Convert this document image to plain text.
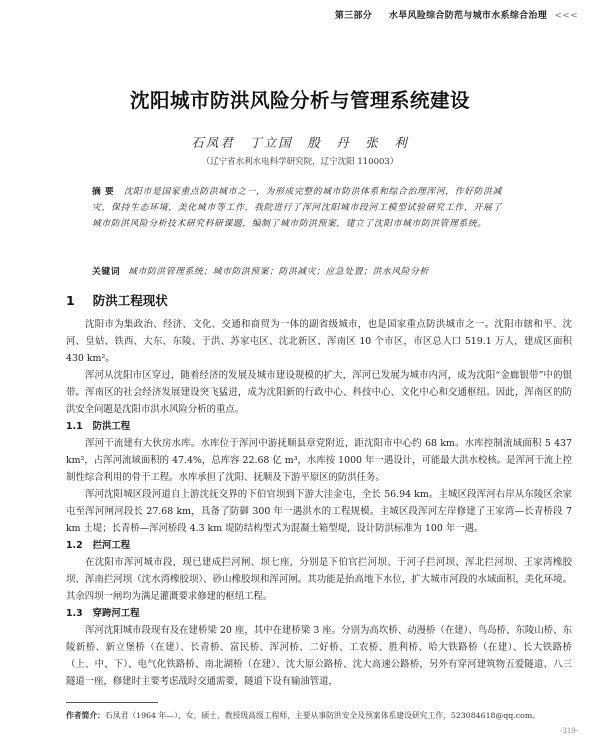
第三部分 水旱风险综合防范与城市水系综合治理 <<<
沈阳城市防洪风险分析与管理系统建设
石凤君　丁立国　殷　丹　张　利
（辽宁省水利水电科学研究院，辽宁沈阳 110003）
摘要 沈阳市是国家重点防洪城市之一，为形成完整的城市防洪体系和综合治理浑河，作好防洪减灾，保持生态环境，美化城市等工作，我院进行了浑河沈阳城市段河工模型试验研究工作，开展了城市防洪风险分析技术研究科研课题，编制了城市防洪预案，建立了沈阳市城市防洪管理系统。
关键词 城市防洪管理系统；城市防洪预案；防洪减灾；应急处置；洪水风险分析
1 防洪工程现状

沈阳市为集政治、经济、文化、交通和商贸为一体的副省级城市，也是国家重点防洪城市之一。沈阳市辖和平、沈河、皇姑、铁西、大东、东陵、于洪、苏家屯区、沈北新区、浑南区 10 个市区，市区总人口 519.1 万人，建成区面积 430 km²。

浑河从沈阳市区穿过，随着经济的发展及城市建设规模的扩大，浑河已发展为城市内河，成为沈阳“金廊银带”中的银带。浑南区的社会经济发展建设突飞猛进，成为沈阳新的行政中心、科技中心、文化中心和交通枢纽。因此，浑南区的防洪安全问题是沈阳市洪水风险分析的重点。

1.1 防洪工程

浑河干流建有大伙房水库。水库位于浑河中游抚顺县章党附近，距沈阳市中心约 68 km。水库控制流域面积 5 437 km²，占浑河流域面积的 47.4%，总库容 22.68 亿 m³，水库按 1000 年一遇设计，可能最大洪水校核。是浑河干流上控制性综合利用的骨干工程。水库承担了沈阳、抚顺及下游平原区的防洪任务。

浑河沈阳城区段河道自上游沈抚交界的下伯官坝到下游大洼金屯，全长 56.94 km。主城区段浑河右岸从东陵区余家屯至浑河闸河段长 27.68 km，具备了防御 300 年一遇洪水的工程规模。主城区段浑河左岸修建了王家湾—长青桥段 7 km 土堤；长青桥—浑河桥段 4.3 km 堤防结构型式为混凝土箱型堤，设计防洪标准为 100 年一遇。

1.2 拦河工程

在沈阳市浑河城市段，现已建成拦河闸、坝七座，分别是下伯官拦河坝、于河子拦河坝、浑北拦河坝、王家湾橡胶坝、浑南拦河坝（沈水湾橡胶坝）、砂山橡胶坝和浑河闸。其功能是抬高地下水位，扩大城市河段的水域面积，美化环境。其余四坝一闸均为满足灌溉要求修建的枢纽工程。

1.3 穿跨河工程

浑河沈阳城市段现有及在建桥梁 20 座，其中在建桥梁 3 座。分别为高坎桥、动漫桥（在建）、鸟岛桥、东陵山桥、东陵新桥、新立堡桥（在建）、长青桥、富民桥、浑河桥、二好桥、工农桥、胜利桥、哈大铁路桥（在建）、长大铁路桥（上、中、下）、电气化铁路桥、南北湖桥（在建）、沈大原公路桥、沈大高速公路桥，另外有穿河建筑物五爱隧道、八三隧道一座，修建时主要考虑战时交通需要，隧道下设有输油管道，

作者简介：石凤君（1964 年—），女，硕士，教授级高级工程师，主要从事防洪安全及预案体系建设研究工作，523084618@qq.com。
·319·
